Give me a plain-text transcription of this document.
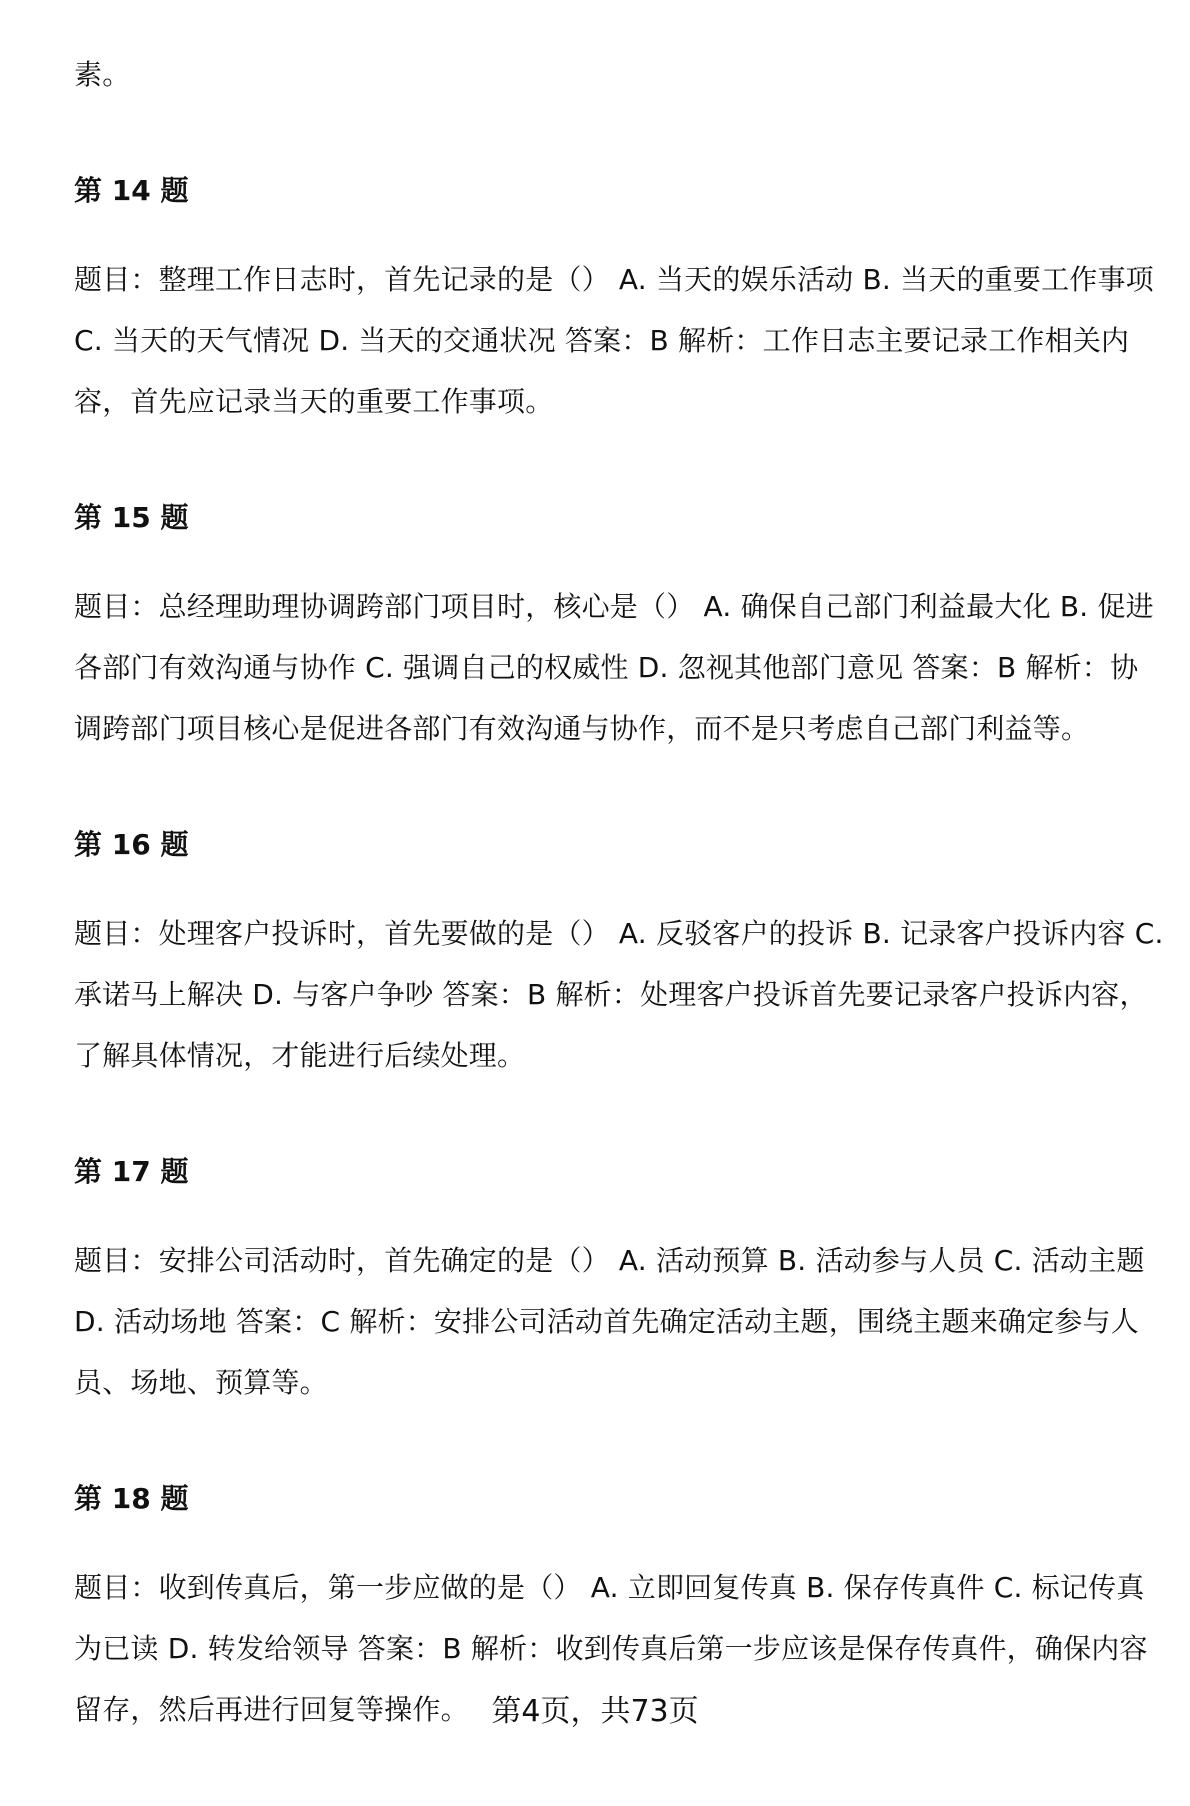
素。

第 14 题

题目：整理工作日志时，首先记录的是（） A. 当天的娱乐活动 B. 当天的重要工作事项 C. 当天的天气情况 D. 当天的交通状况 答案：B 解析：工作日志主要记录工作相关内容，首先应记录当天的重要工作事项。

第 15 题

题目：总经理助理协调跨部门项目时，核心是（） A. 确保自己部门利益最大化 B. 促进各部门有效沟通与协作 C. 强调自己的权威性 D. 忽视其他部门意见 答案：B 解析：协调跨部门项目核心是促进各部门有效沟通与协作，而不是只考虑自己部门利益等。

第 16 题

题目：处理客户投诉时，首先要做的是（） A. 反驳客户的投诉 B. 记录客户投诉内容 C. 承诺马上解决 D. 与客户争吵 答案：B 解析：处理客户投诉首先要记录客户投诉内容，了解具体情况，才能进行后续处理。

第 17 题

题目：安排公司活动时，首先确定的是（） A. 活动预算 B. 活动参与人员 C. 活动主题 D. 活动场地 答案：C 解析：安排公司活动首先确定活动主题，围绕主题来确定参与人员、场地、预算等。

第 18 题

题目：收到传真后，第一步应做的是（） A. 立即回复传真 B. 保存传真件 C. 标记传真为已读 D. 转发给领导 答案：B 解析：收到传真后第一步应该是保存传真件，确保内容留存，然后再进行回复等操作。 第4页，共73页
